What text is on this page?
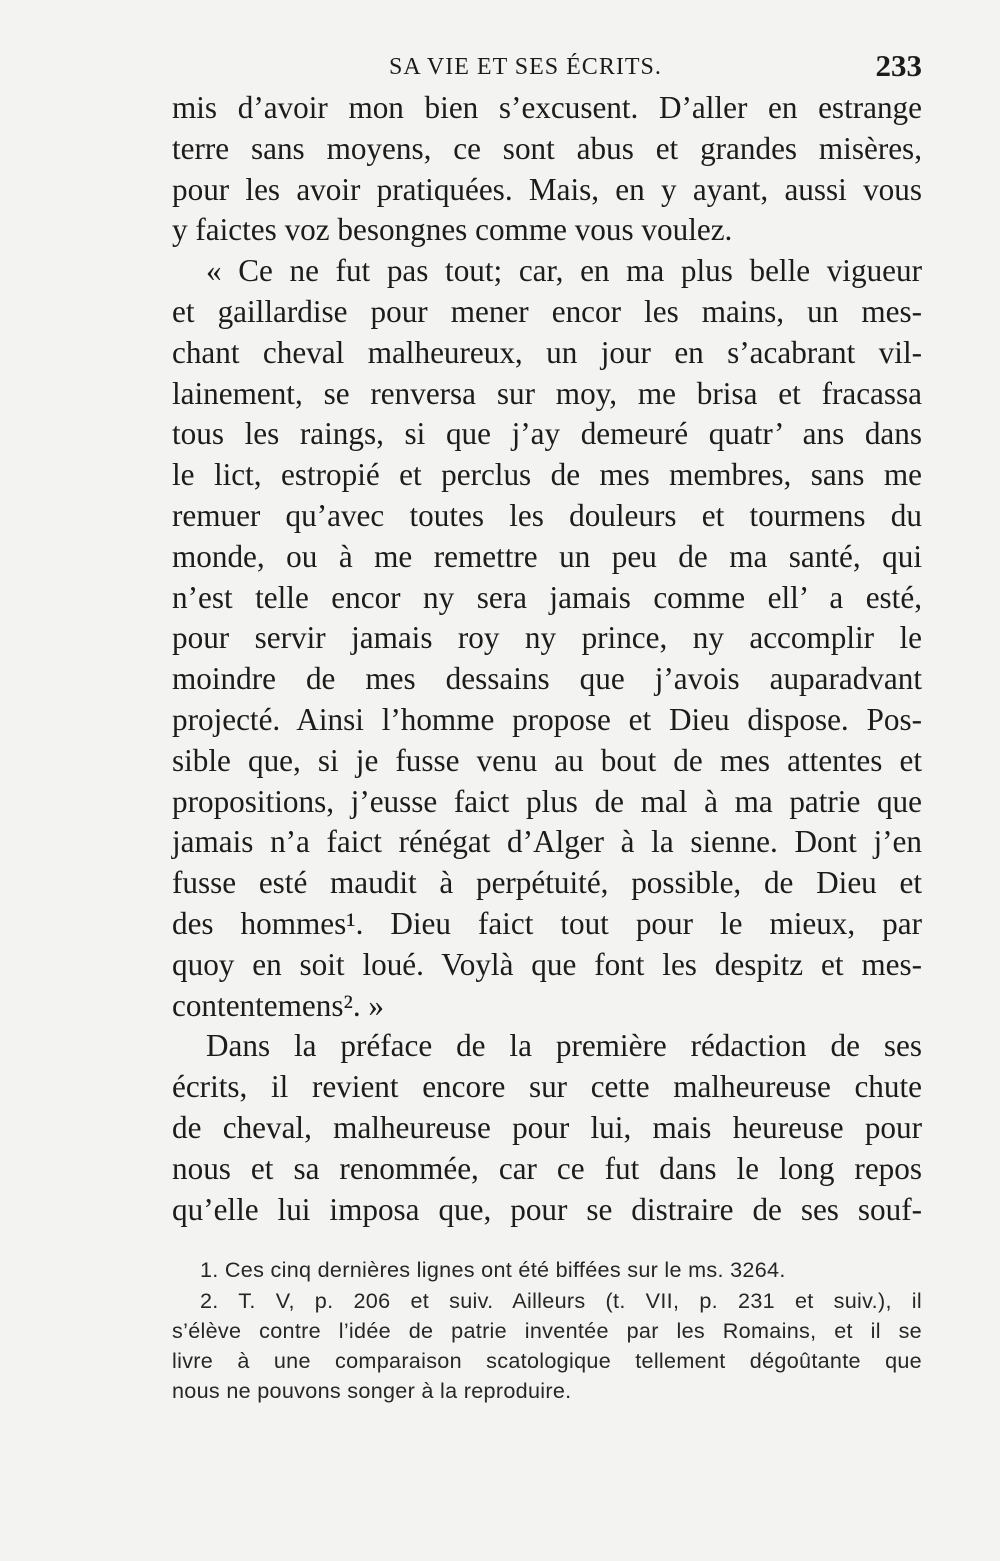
SA VIE ET SES ÉCRITS.	233
mis d’avoir mon bien s’excusent. D’aller en estrange
terre sans moyens, ce sont abus et grandes misères,
pour les avoir pratiquées. Mais, en y ayant, aussi vous
y faictes voz besongnes comme vous voulez.
« Ce ne fut pas tout; car, en ma plus belle vigueur
et gaillardise pour mener encor les mains, un mes-
chant cheval malheureux, un jour en s’acabrant vil-
lainement, se renversa sur moy, me brisa et fracassa
tous les raings, si que j’ay demeuré quatr’ ans dans
le lict, estropié et perclus de mes membres, sans me
remuer qu’avec toutes les douleurs et tourmens du
monde, ou à me remettre un peu de ma santé, qui
n’est telle encor ny sera jamais comme ell’ a esté,
pour servir jamais roy ny prince, ny accomplir le
moindre de mes dessains que j’avois auparadvant
projecté. Ainsi l’homme propose et Dieu dispose. Pos-
sible que, si je fusse venu au bout de mes attentes et
propositions, j’eusse faict plus de mal à ma patrie que
jamais n’a faict rénégat d’Alger à la sienne. Dont j’en
fusse esté maudit à perpétuité, possible, de Dieu et
des hommes¹. Dieu faict tout pour le mieux, par
quoy en soit loué. Voylà que font les despitz et mes-
contentemens². »
Dans la préface de la première rédaction de ses
écrits, il revient encore sur cette malheureuse chute
de cheval, malheureuse pour lui, mais heureuse pour
nous et sa renommée, car ce fut dans le long repos
qu’elle lui imposa que, pour se distraire de ses souf-
1. Ces cinq dernières lignes ont été biffées sur le ms. 3264.
2. T. V, p. 206 et suiv. Ailleurs (t. VII, p. 231 et suiv.), il
s’élève contre l’idée de patrie inventée par les Romains, et il se
livre à une comparaison scatologique tellement dégoûtante que
nous ne pouvons songer à la reproduire.
